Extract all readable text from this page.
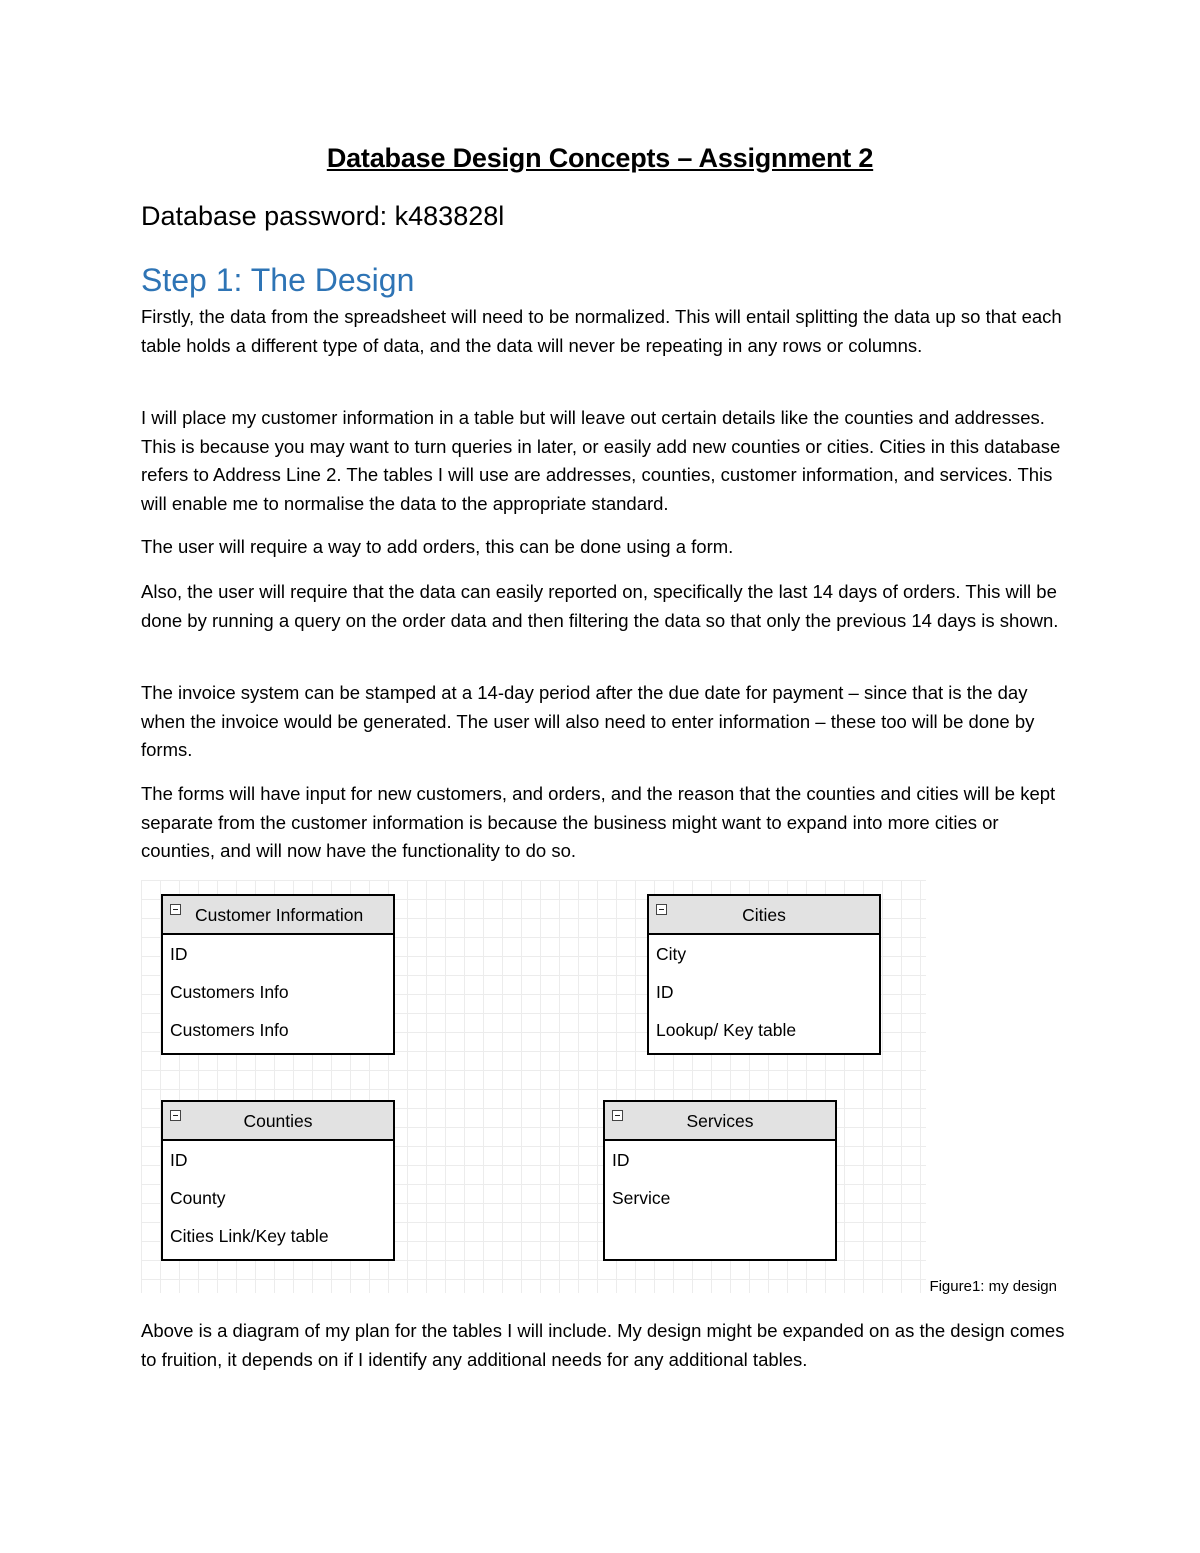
Database Design Concepts – Assignment 2
Database password: k483828l
Step 1: The Design
Firstly, the data from the spreadsheet will need to be normalized. This will entail splitting the data up so that each table holds a different type of data, and the data will never be repeating in any rows or columns.
I will place my customer information in a table but will leave out certain details like the counties and addresses. This is because you may want to turn queries in later, or easily add new counties or cities. Cities in this database refers to Address Line 2. The tables I will use are addresses, counties, customer information, and services. This will enable me to normalise the data to the appropriate standard.
The user will require a way to add orders, this can be done using a form.
Also, the user will require that the data can easily reported on, specifically the last 14 days of orders. This will be done by running a query on the order data and then filtering the data so that only the previous 14 days is shown.
The invoice system can be stamped at a 14-day period after the due date for payment – since that is the day when the invoice would be generated. The user will also need to enter information – these too will be done by forms.
The forms will have input for new customers, and orders, and the reason that the counties and cities will be kept separate from the customer information is because the business might want to expand into more cities or counties, and will now have the functionality to do so.
Customer Information
ID
Customers Info
Customers Info
Cities
City
ID
Lookup/ Key table
Counties
ID
County
Cities Link/Key table
Services
ID
Service
Figure1: my design
Above is a diagram of my plan for the tables I will include. My design might be expanded on as the design comes to fruition, it depends on if I identify any additional needs for any additional tables.
